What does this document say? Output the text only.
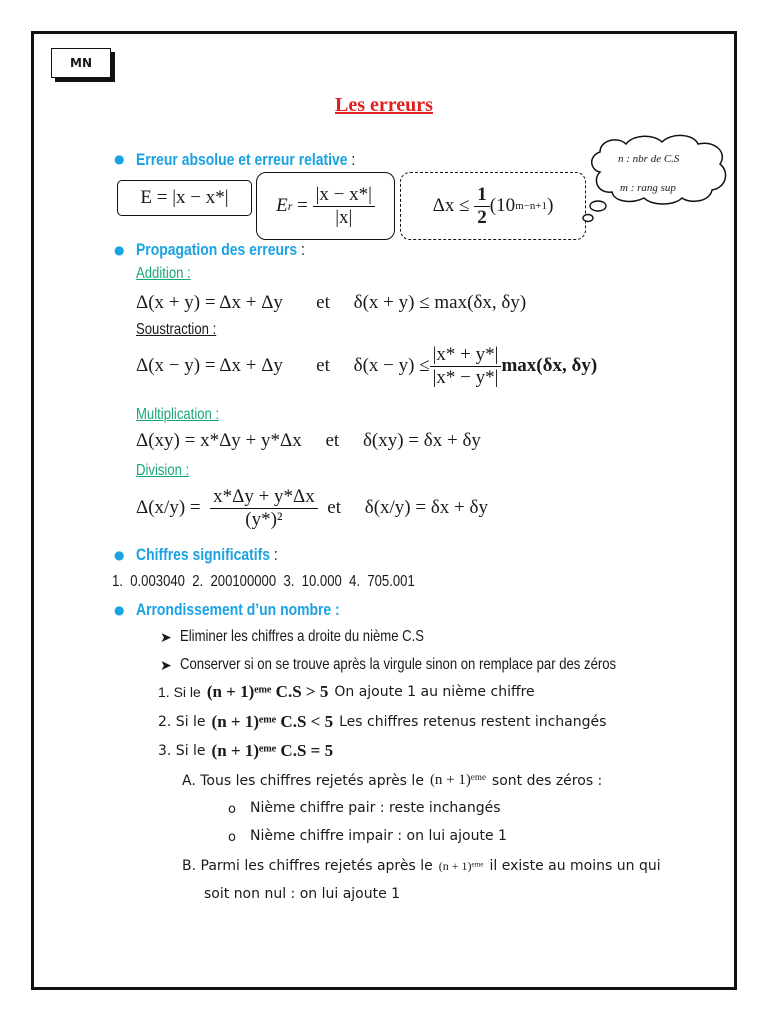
MN
Les erreurs
● Erreur absolue et erreur relative :
E = |x − x*|	E $r = \frac{|x - x*|}{|x|}$	Δx ≤
$\frac{1}{2} (10$ m−n+1 )
n : nbr de C.S
m : rang sup
● Propagation des erreurs :
Addition :
Δ(x + y) = Δx + Δy       et     δ(x + y) ≤ max(δx, δy)
Soustraction :
Δ(x − y) = Δx + Δy       et     $\delta(x - y) \le \frac{|x* + y*|}{|x* - y*|} \max(\delta x$, δy)
Multiplication :
Δ(xy) = x*Δy + y*Δx     et     δ(xy) = δx + δy
Division :
Δ(x/y) =

$\frac{x*\Delta y + y*\Delta x}{\text{(y*)²}}$

et     δ(x/y) = δx + δy
● Chiffres significatifs :
1.  0.003040  2.  200100000  3.  10.000  4.  705.001
● Arrondissement d’un nombre :
➤ Eliminer les chiffres a droite du nième C.S
➤ Conserver si on se trouve après la virgule sinon on remplace par des zéros
1. Si le (n + 1)ᵉᵐᵉ C.S > 5 On ajoute 1 au nième chiffre
2. Si le (n + 1)ᵉᵐᵉ C.S < 5 Les chiffres retenus restent inchangés
3. Si le (n + 1)ᵉᵐᵉ C.S = 5
A. Tous les chiffres rejetés après le (n + 1)ᵉᵐᵉ sont des zéros :
o Nième chiffre pair : reste inchangés
o Nième chiffre impair : on lui ajoute 1
B. Parmi les chiffres rejetés après le (n + 1)ᵉᵐᵉ il existe au moins un qui
soit non nul : on lui ajoute 1
